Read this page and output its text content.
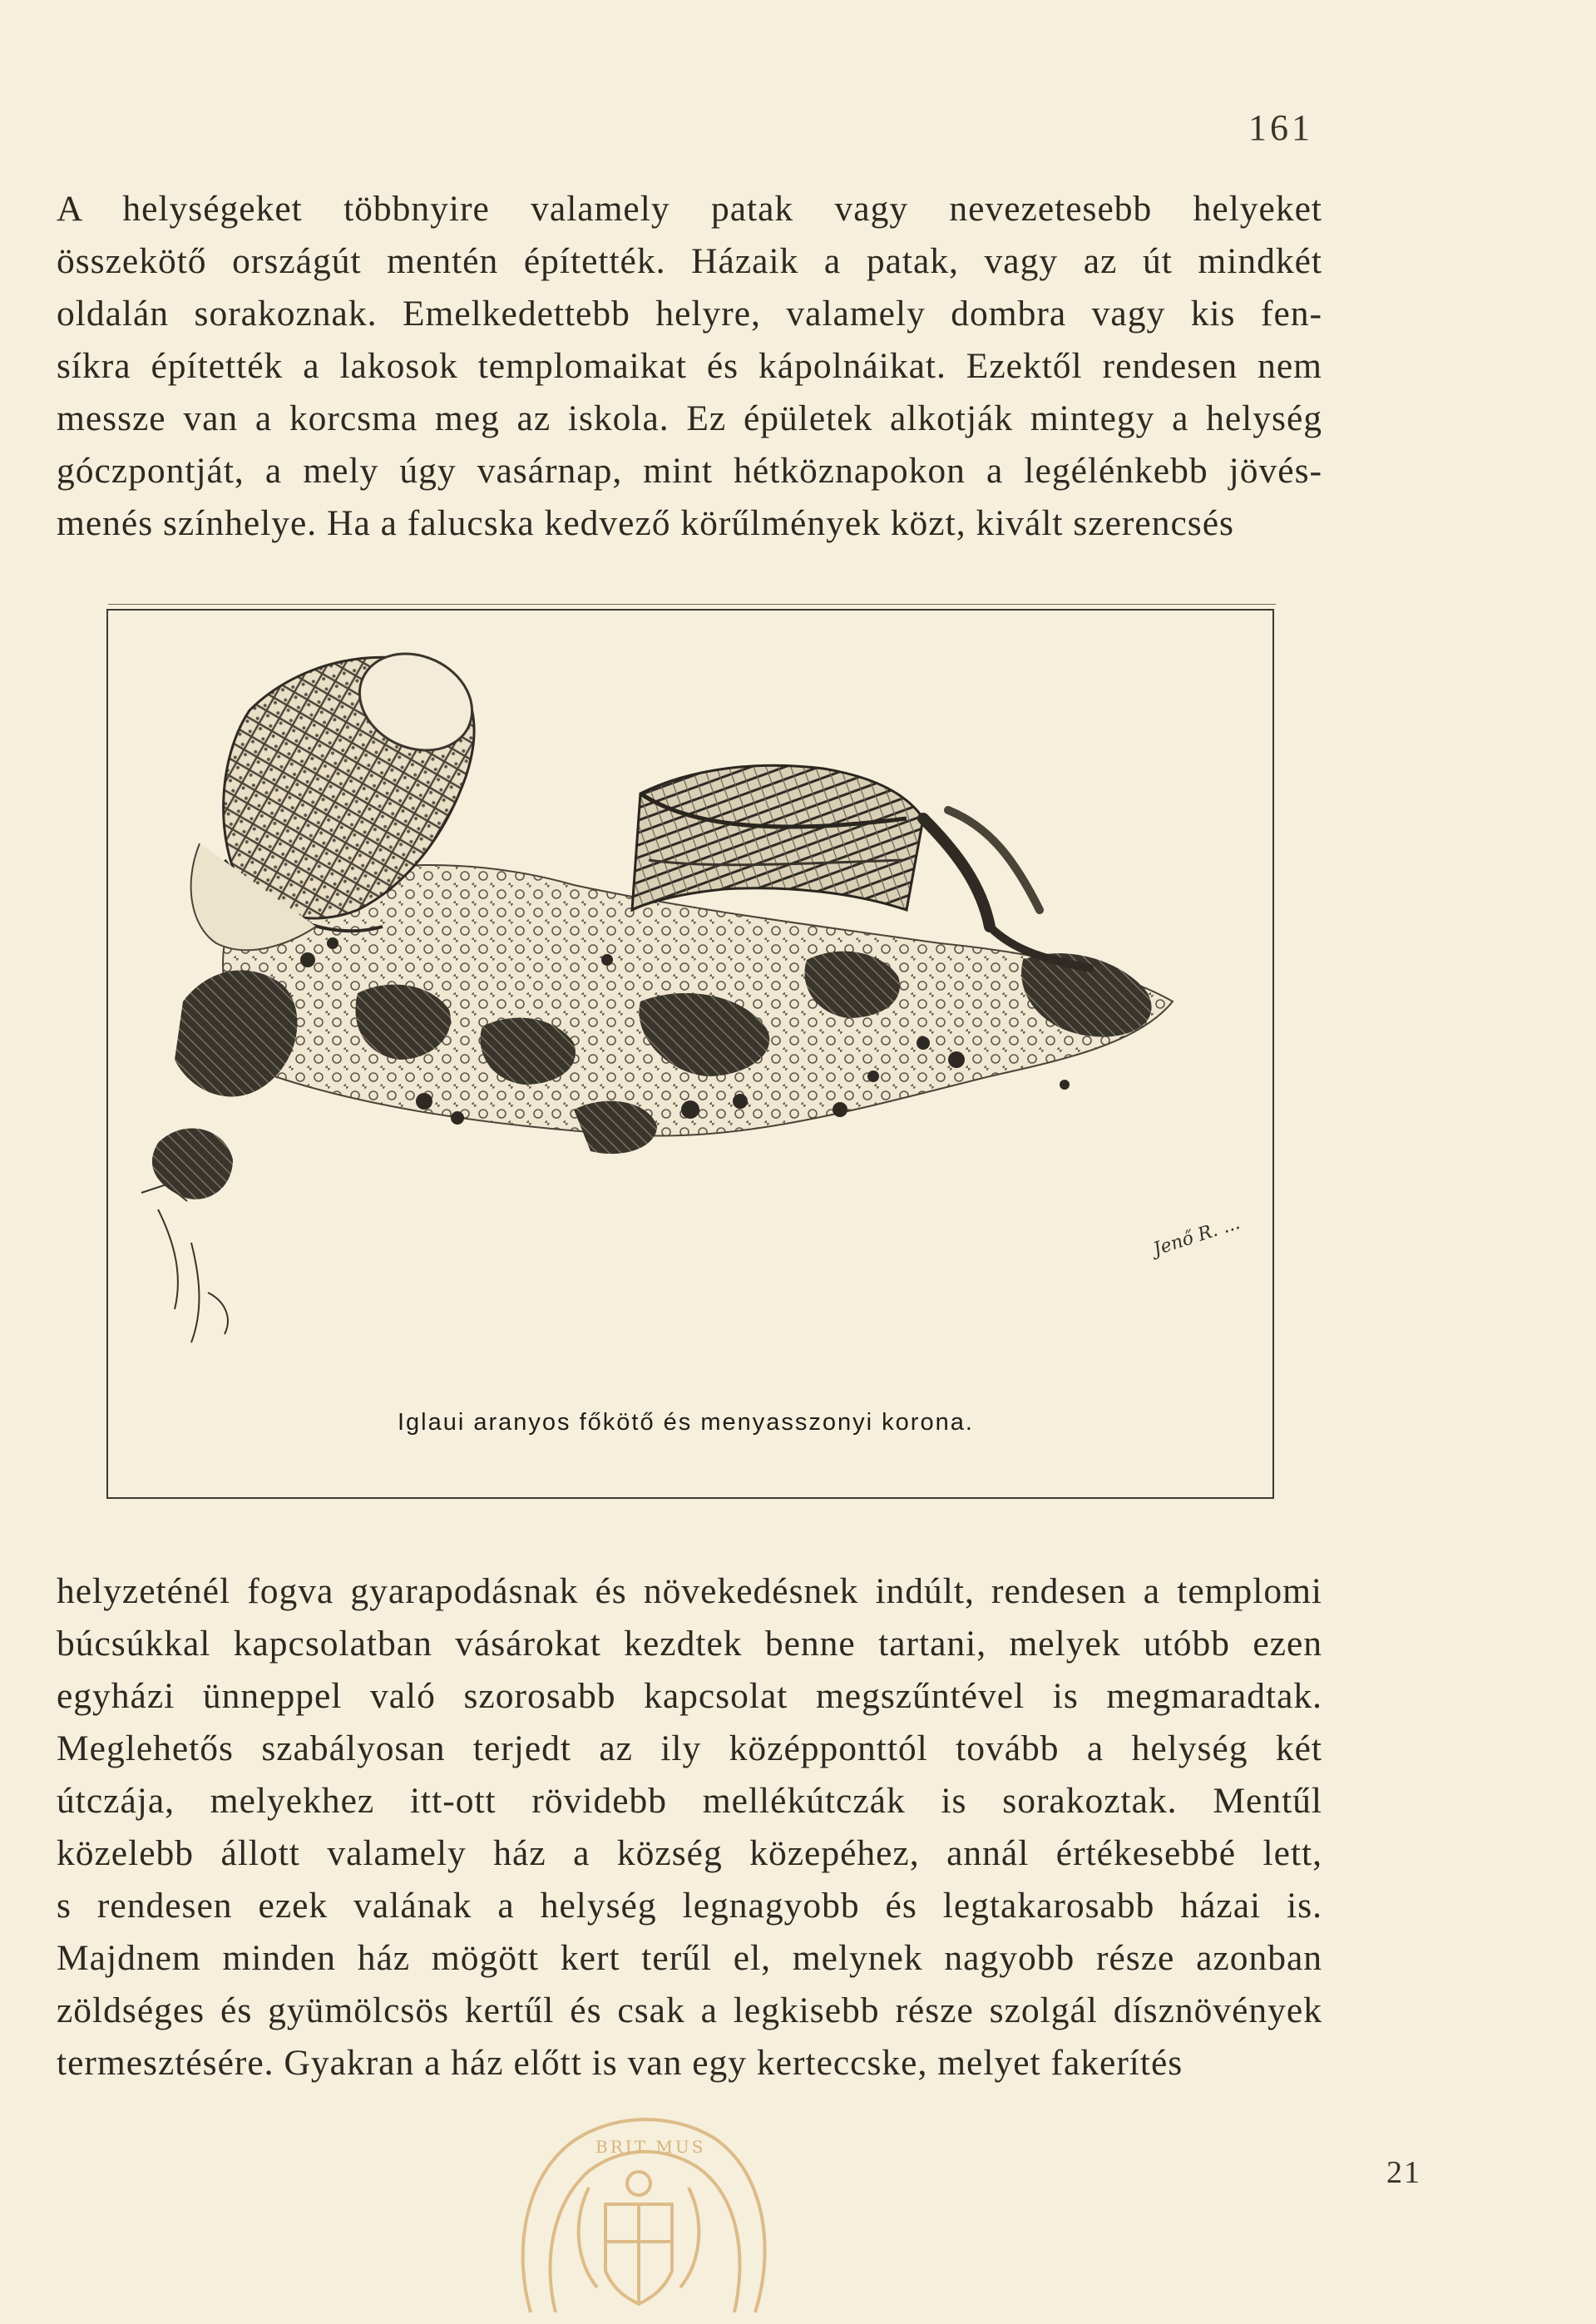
161
A helységeket többnyire valamely patak vagy nevezetesebb helyeket
összekötő országút mentén építették. Házaik a patak, vagy az út mindkét
oldalán sorakoznak. Emelkedettebb helyre, valamely dombra vagy kis fen-
síkra építették a lakosok templomaikat és kápolnáikat. Ezektől rendesen nem
messze van a korcsma meg az iskola. Ez épületek alkotják mintegy a helység
góczpontját, a mely úgy vasárnap, mint hétköznapokon a legélénkebb jövés-
menés színhelye. Ha a falucska kedvező körűlmények közt, kivált szerencsés
Jenő R. ...
Iglaui aranyos főkötő és menyasszonyi korona.
helyzeténél fogva gyarapodásnak és növekedésnek indúlt, rendesen a templomi
búcsúkkal kapcsolatban vásárokat kezdtek benne tartani, melyek utóbb ezen
egyházi ünneppel való szorosabb kapcsolat megszűntével is megmaradtak.
Meglehetős szabályosan terjedt az ily középponttól tovább a helység két
útczája, melyekhez itt-ott rövidebb mellékútczák is sorakoztak. Mentűl
közelebb állott valamely ház a község közepéhez, annál értékesebbé lett,
s rendesen ezek valának a helység legnagyobb és legtakarosabb házai is.
Majdnem minden ház mögött kert terűl el, melynek nagyobb része azonban
zöldséges és gyümölcsös kertűl és csak a legkisebb része szolgál dísznövények
termesztésére. Gyakran a ház előtt is van egy kerteccske, melyet fakerítés
BRIT MUS
21
